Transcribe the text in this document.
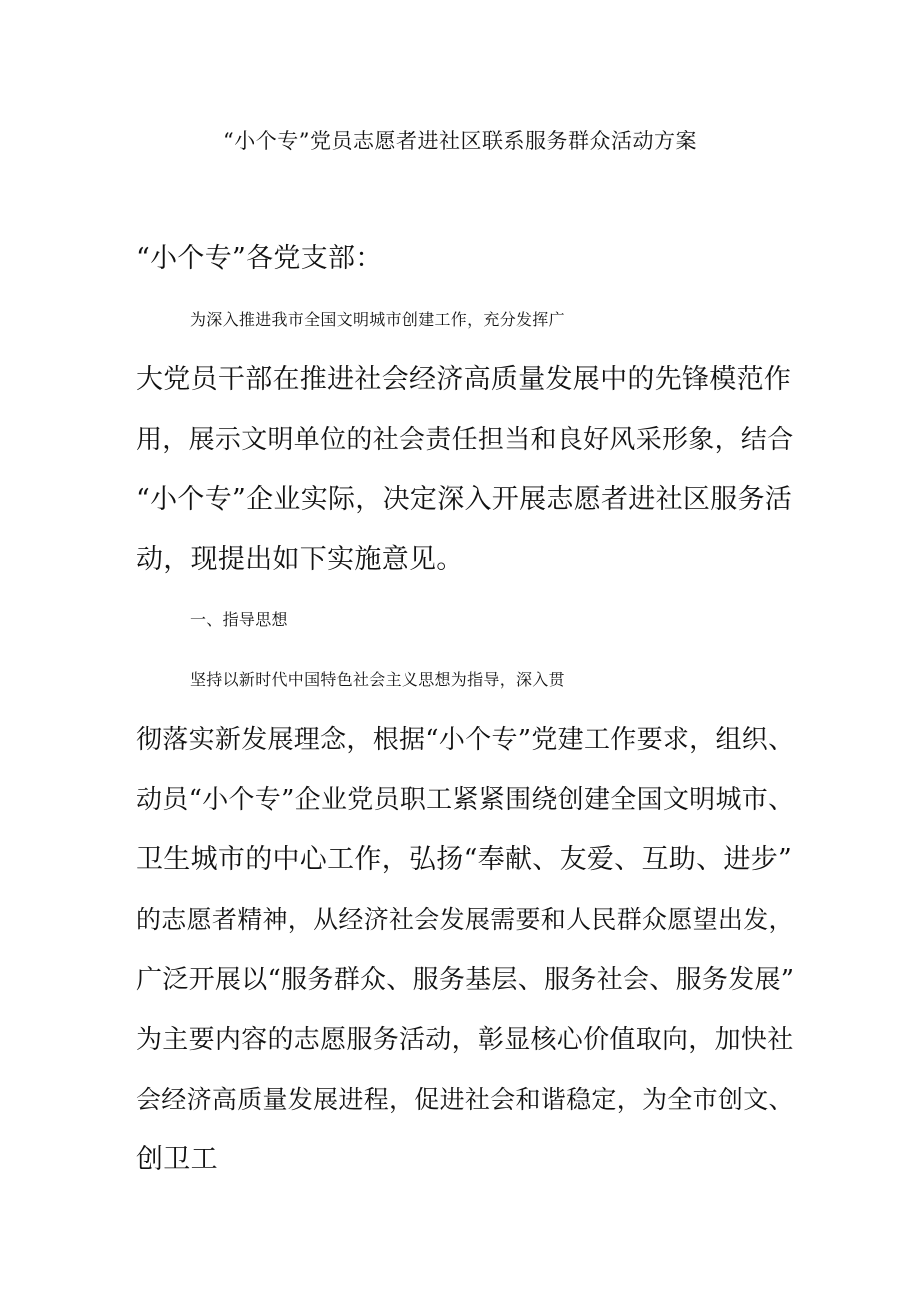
“小个专”党员志愿者进社区联系服务群众活动方案
“小个专”各党支部：
为深入推进我市全国文明城市创建工作，充分发挥广
大党员干部在推进社会经济高质量发展中的先锋模范作
用，展示文明单位的社会责任担当和良好风采形象，结合
“小个专”企业实际，决定深入开展志愿者进社区服务活
动，现提出如下实施意见。
一、指导思想
坚持以新时代中国特色社会主义思想为指导，深入贯
彻落实新发展理念，根据“小个专”党建工作要求，组织、
动员“小个专”企业党员职工紧紧围绕创建全国文明城市、
卫生城市的中心工作，弘扬“奉献、友爱、互助、进步”
的志愿者精神，从经济社会发展需要和人民群众愿望出发，
广泛开展以“服务群众、服务基层、服务社会、服务发展”
为主要内容的志愿服务活动，彰显核心价值取向，加快社
会经济高质量发展进程，促进社会和谐稳定，为全市创文、
创卫工
